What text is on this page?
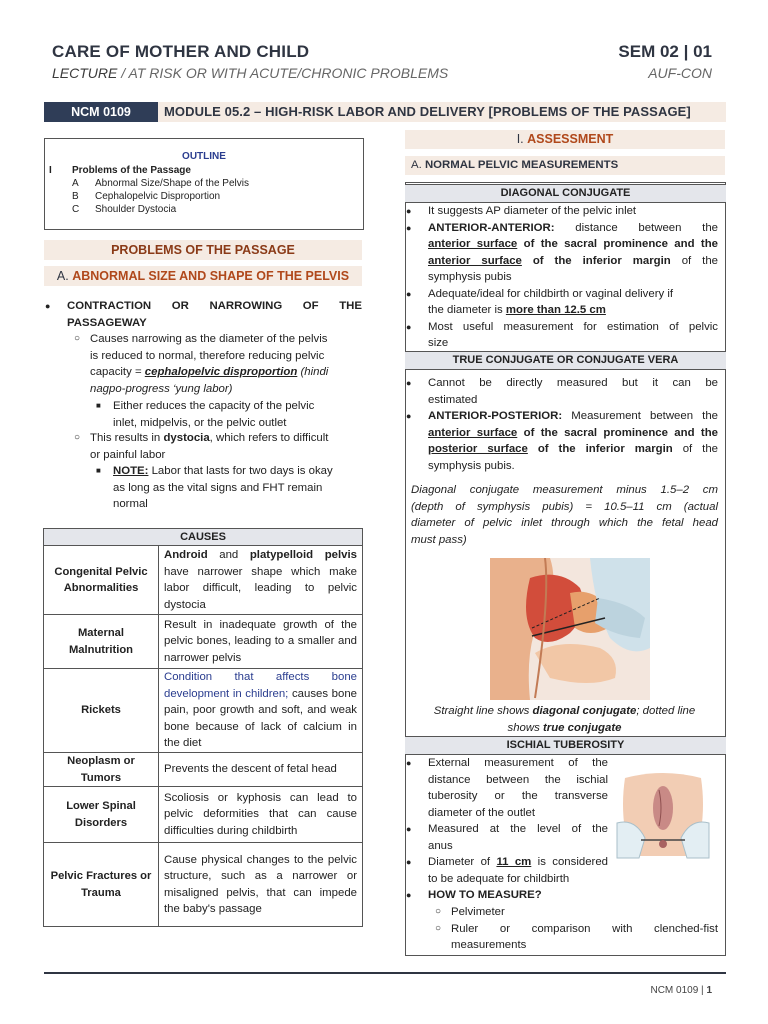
CARE OF MOTHER AND CHILD
LECTURE / AT RISK OR WITH ACUTE/CHRONIC PROBLEMS
SEM 02 | 01
AUF-CON
NCM 0109	MODULE 05.2 – HIGH-RISK LABOR AND DELIVERY [PROBLEMS OF THE PASSAGE]
OUTLINE
I Problems of the Passage
A Abnormal Size/Shape of the Pelvis
B Cephalopelvic Disproportion
C Shoulder Dystocia
PROBLEMS OF THE PASSAGE
A. ABNORMAL SIZE AND SHAPE OF THE PELVIS
● CONTRACTION OR NARROWING OF THE
PASSAGEWAY
○ Causes narrowing as the diameter of the pelvis
is reduced to normal, therefore reducing pelvic
capacity = cephalopelvic disproportion (hindi
nagpo-progress ‘yung labor)
■ Either reduces the capacity of the pelvic
inlet, midpelvis, or the pelvic outlet
○ This results in dystocia, which refers to difficult
or painful labor
■ NOTE: Labor that lasts for two days is okay
as long as the vital signs and FHT remain
normal
CAUSES	
Congenital Pelvic Abnormalities	Android and platypelloid pelvis have narrower shape which make labor difficult, leading to pelvic dystocia
Maternal Malnutrition	Result in inadequate growth of the pelvic bones, leading to a smaller and narrower pelvis
Rickets	Condition that affects bone development in children; causes bone pain, poor growth and soft, and weak bone because of lack of calcium in the diet
Neoplasm or Tumors	Prevents the descent of fetal head
Lower Spinal Disorders	Scoliosis or kyphosis can lead to pelvic deformities that can cause difficulties during childbirth
Pelvic Fractures or Trauma	Cause physical changes to the pelvic structure, such as a narrower or misaligned pelvis, that can impede the baby's passage
I. ASSESSMENT
A. NORMAL PELVIC MEASUREMENTS
DIAGONAL CONJUGATE
● It suggests AP diameter of the pelvic inlet
● ANTERIOR-ANTERIOR: distance between the
anterior surface of the sacral prominence and the
anterior surface of the inferior margin of the
symphysis pubis
● Adequate/ideal for childbirth or vaginal delivery if
the diameter is more than 12.5 cm
● Most useful measurement for estimation of pelvic
size
TRUE CONJUGATE OR CONJUGATE VERA
● Cannot be directly measured but it can be
estimated
● ANTERIOR-POSTERIOR: Measurement between the
anterior surface of the sacral prominence and the
posterior surface of the inferior margin of the
symphysis pubis.
Diagonal conjugate measurement minus 1.5–2 cm
(depth of symphysis pubis) = 10.5–11 cm (actual
diameter of pelvic inlet through which the fetal head
must pass)
Straight line shows diagonal conjugate; dotted line
shows true conjugate
ISCHIAL TUBEROSITY
● External measurement of the
distance between the ischial
tuberosity or the transverse
diameter of the outlet
● Measured at the level of the
anus
● Diameter of 11 cm is considered
to be adequate for childbirth
● HOW TO MEASURE?
○ Pelvimeter
○ Ruler or comparison with clenched-fist
measurements
NCM 0109 | 1
